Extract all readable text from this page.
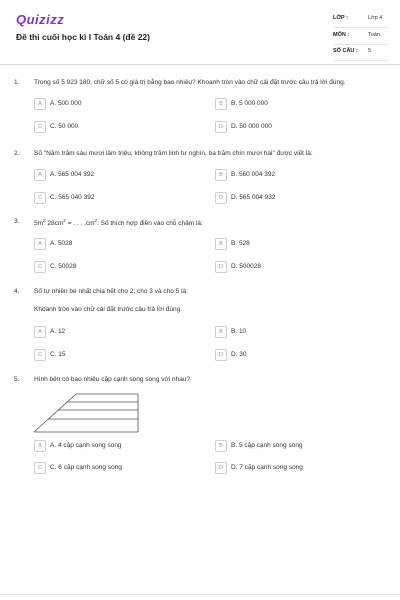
Quizizz
Đề thi cuối học kì I Toán 4 (đề 22)
LỚP :	Lớp 4
MÔN :	Toán
SỐ CÂU : 5
1. Trong số 5 923 180, chữ số 5 có giá trị bằng bao nhiêu? Khoanh tròn vào chữ cái đặt trước câu trả lời đúng.
A	A. 500 000	B	B. 5 000 000
C	C. 50 000	D	D. 50 000 000
2. Số "Năm trăm sáu mươi lăm triệu, không trăm linh tư nghìn, ba trăm chín mươi hai" được viết là:
A	A. 565 004 392	B	B. 560 004 392
C	C. 565 040 392	D	D. 565 004 932
3. $5m^2$ $28cm^2$ = . . . $.cm^2$. Số thích hợp điền vào chỗ chấm là:
A	A. 5028	B	B. 528
C	C. 50028	D	D. 500028
4. Số tự nhiên bé nhất chia hết cho 2; cho 3 và cho 5 là:
Khoanh tròn vào chữ cái đặt trước câu trả lời đúng.
A	A. 12	B	B. 10
C	C. 15	D	D. 30
5. Hình bên có bao nhiêu cặp cạnh song song với nhau?
A	A. 4 cặp cạnh song song	B	B. 5 cặp cạnh song song
C	C. 6 cặp cạnh song song	D	D. 7 cặp cạnh song song
